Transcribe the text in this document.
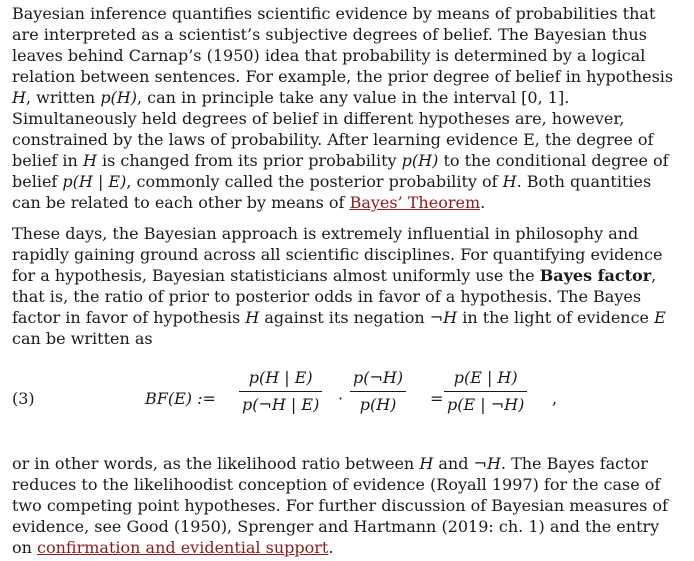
Bayesian inference quantifies scientific evidence by means of probabilities that are interpreted as a scientist’s subjective degrees of belief. The Bayesian thus leaves behind Carnap’s (1950) idea that probability is determined by a logical relation between sentences. For example, the prior degree of belief in hypothesis H, written p(H), can in principle take any value in the interval [0, 1]. Simultaneously held degrees of belief in different hypotheses are, however, constrained by the laws of probability. After learning evidence E, the degree of belief in H is changed from its prior probability p(H) to the conditional degree of belief p(H | E), commonly called the posterior probability of H. Both quantities can be related to each other by means of Bayes’ Theorem.

These days, the Bayesian approach is extremely influential in philosophy and rapidly gaining ground across all scientific disciplines. For quantifying evidence for a hypothesis, Bayesian statisticians almost uniformly use the Bayes factor, that is, the ratio of prior to posterior odds in favor of a hypothesis. The Bayes factor in favor of hypothesis H against its negation ¬H in the light of evidence E can be written as

(3)	BF(E) := $\frac{p(H | E)}{p(\neg H | E)} \cdot \frac{p(\neg H)}{p(H)} = \frac{p(E | H)}{p(E | \neg H)}$ ,

or in other words, as the likelihood ratio between H and ¬H. The Bayes factor reduces to the likelihoodist conception of evidence (Royall 1997) for the case of two competing point hypotheses. For further discussion of Bayesian measures of evidence, see Good (1950), Sprenger and Hartmann (2019: ch. 1) and the entry on confirmation and evidential support.
